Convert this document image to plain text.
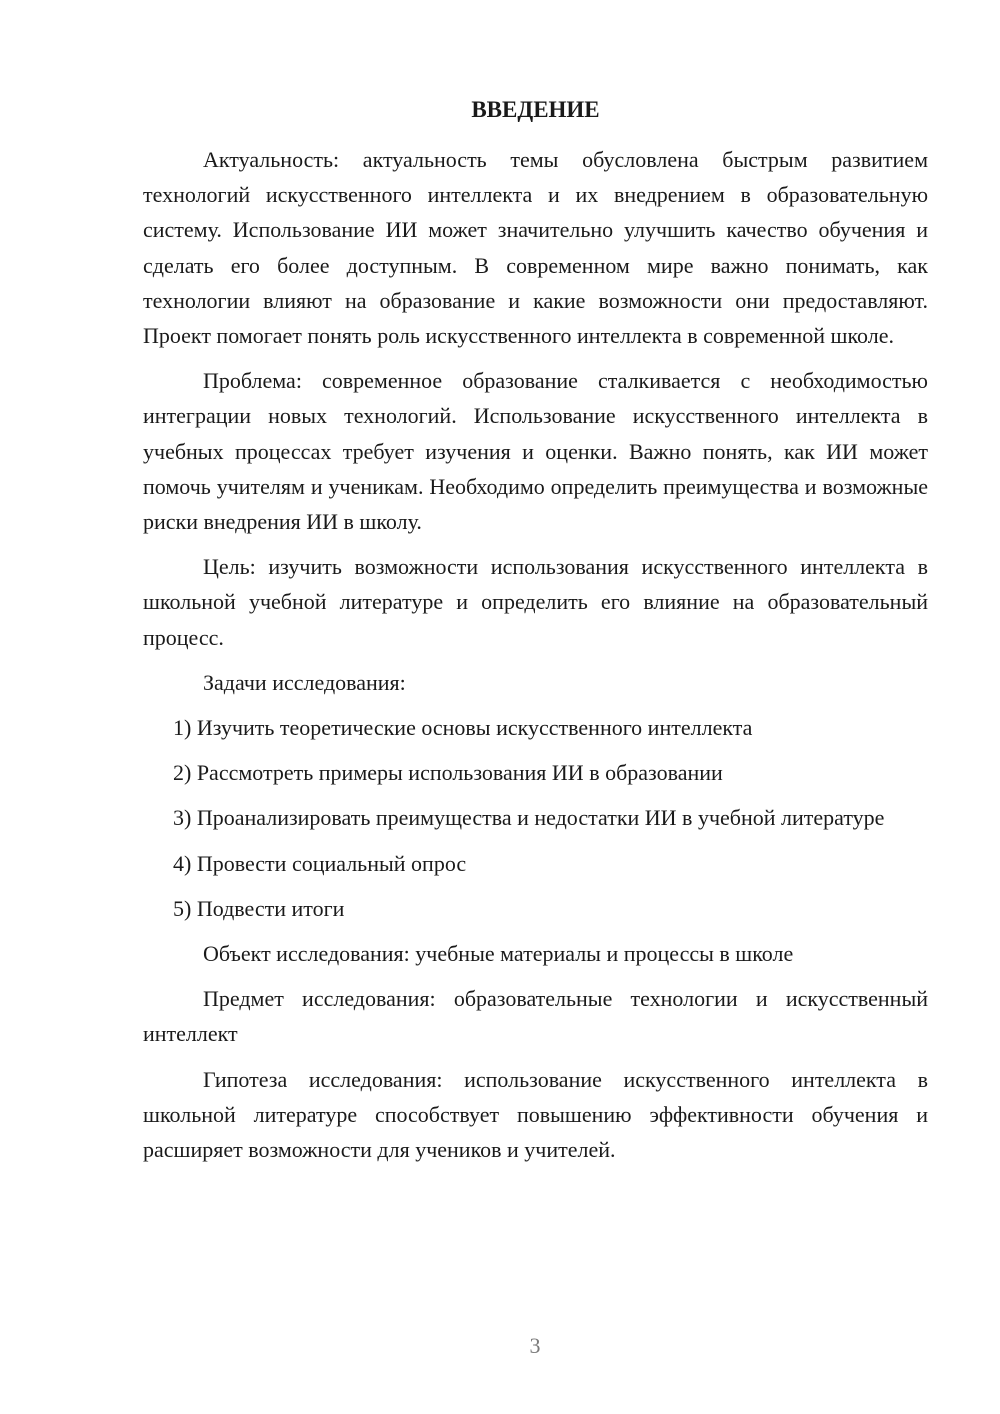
ВВЕДЕНИЕ

Актуальность: актуальность темы обусловлена быстрым развитием технологий искусственного интеллекта и их внедрением в образовательную систему. Использование ИИ может значительно улучшить качество обучения и сделать его более доступным. В современном мире важно понимать, как технологии влияют на образование и какие возможности они предоставляют. Проект помогает понять роль искусственного интеллекта в современной школе.

Проблема: современное образование сталкивается с необходимостью интеграции новых технологий. Использование искусственного интеллекта в учебных процессах требует изучения и оценки. Важно понять, как ИИ может помочь учителям и ученикам. Необходимо определить преимущества и возможные риски внедрения ИИ в школу.

Цель: изучить возможности использования искусственного интеллекта в школьной учебной литературе и определить его влияние на образовательный процесс.

Задачи исследования:

1) Изучить теоретические основы искусственного интеллекта

2) Рассмотреть примеры использования ИИ в образовании

3) Проанализировать преимущества и недостатки ИИ в учебной литературе

4) Провести социальный опрос

5) Подвести итоги

Объект исследования: учебные материалы и процессы в школе

Предмет исследования: образовательные технологии и искусственный интеллект

Гипотеза исследования: использование искусственного интеллекта в школьной литературе способствует повышению эффективности обучения и расширяет возможности для учеников и учителей.

3
